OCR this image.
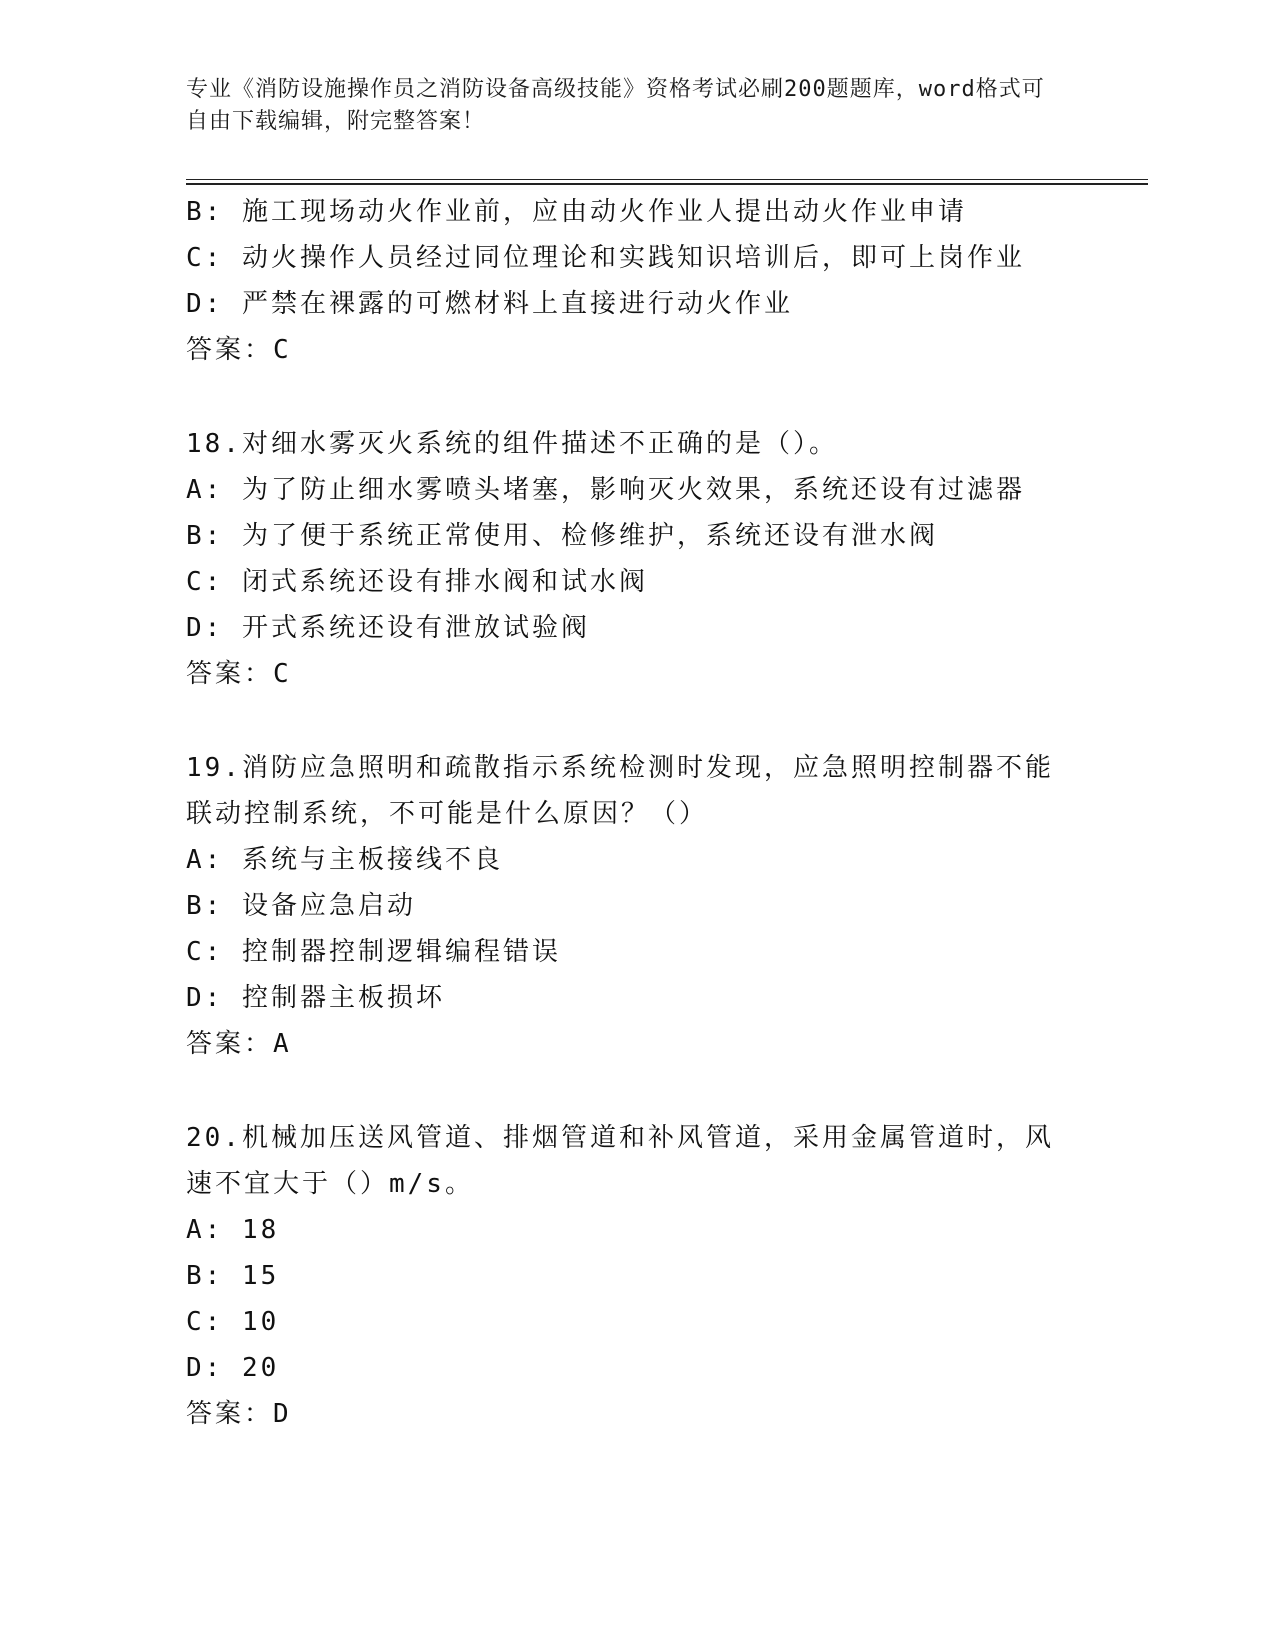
专业《消防设施操作员之消防设备高级技能》资格考试必刷200题题库，word格式可自由下载编辑，附完整答案！
B: 施工现场动火作业前，应由动火作业人提出动火作业申请
C: 动火操作人员经过同位理论和实践知识培训后，即可上岗作业
D: 严禁在裸露的可燃材料上直接进行动火作业
答案：C
18.对细水雾灭火系统的组件描述不正确的是（）。
A: 为了防止细水雾喷头堵塞，影响灭火效果，系统还设有过滤器
B: 为了便于系统正常使用、检修维护，系统还设有泄水阀
C: 闭式系统还设有排水阀和试水阀
D: 开式系统还设有泄放试验阀
答案：C
19.消防应急照明和疏散指示系统检测时发现，应急照明控制器不能联动控制系统，不可能是什么原因？（）
A: 系统与主板接线不良
B: 设备应急启动
C: 控制器控制逻辑编程错误
D: 控制器主板损坏
答案：A
20.机械加压送风管道、排烟管道和补风管道，采用金属管道时，风速不宜大于（）m/s。
A: 18
B: 15
C: 10
D: 20
答案：D
